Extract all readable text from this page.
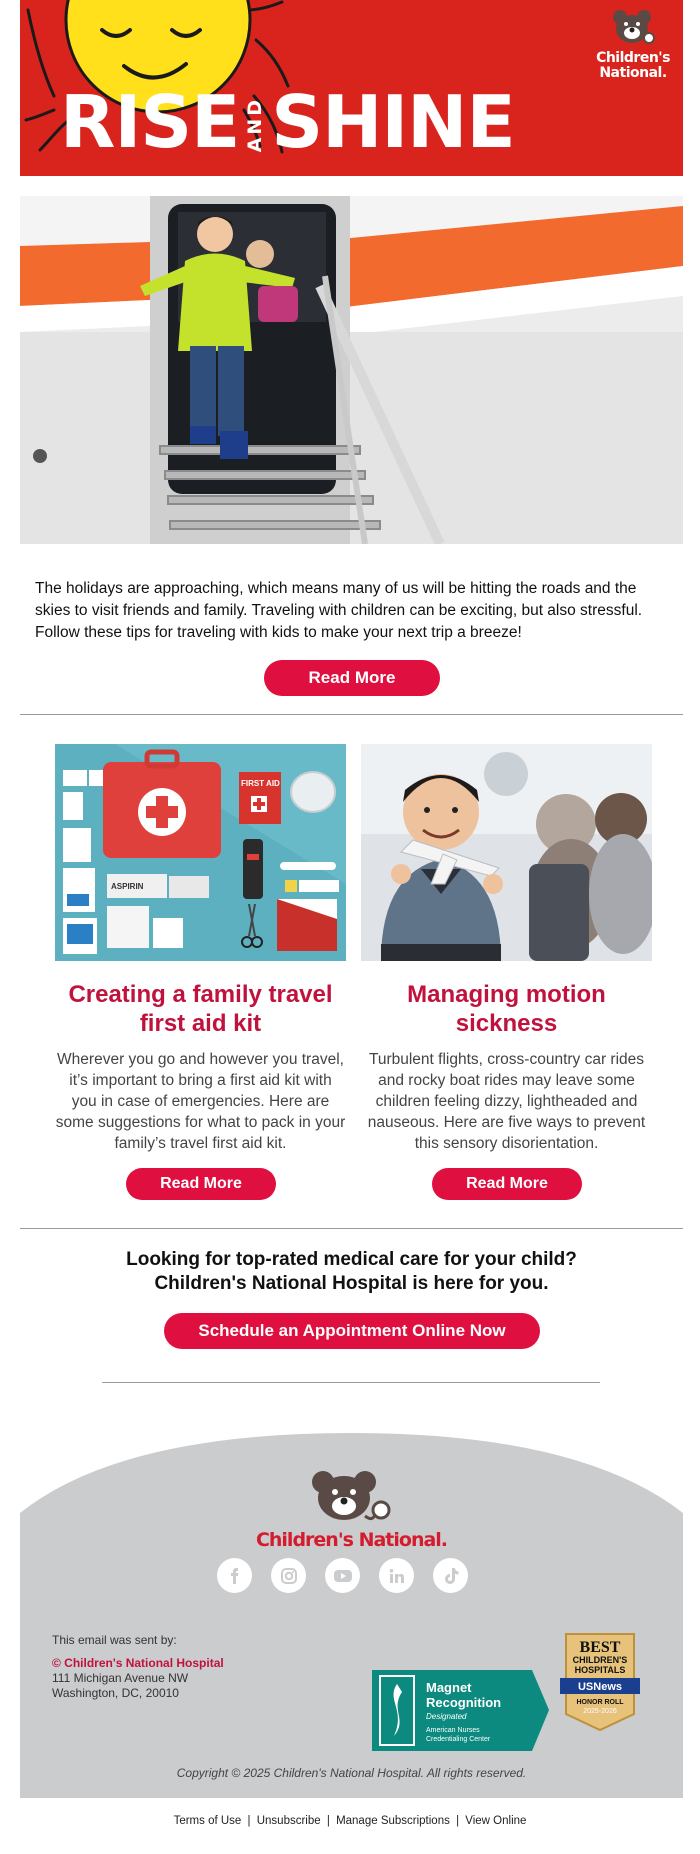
RISE AND SHINE
Children's
National.

The holidays are approaching, which means many of us will be hitting the roads and the skies to visit friends and family. Traveling with children can be exciting, but also stressful. Follow these tips for traveling with kids to make your next trip a breeze!

Read More
FIRST AID
ASPIRIN
Creating a family travel first aid kit
Managing motion sickness

Wherever you go and however you travel, it’s important to bring a first aid kit with you in case of emergencies. Here are some suggestions for what to pack in your family’s travel first aid kit.

Turbulent flights, cross-country car rides and rocky boat rides may leave some children feeling dizzy, lightheaded and nauseous. Here are five ways to prevent this sensory disorientation.

Read More	Read More
Looking for top-rated medical care for your child?
Children's National Hospital is here for you.
Schedule an Appointment Online Now
Children's National.
This email was sent by:
© Children's National Hospital
111 Michigan Avenue NW
Washington, DC, 20010	Magnet
Recognition
Designated
American Nurses
Credentialing Center
BEST
CHILDREN'S
HOSPITALS
USNews
HONOR ROLL
2025-2026
Copyright © 2025 Children's National Hospital. All rights reserved.
Terms of Use | Unsubscribe | Manage Subscriptions | View Online
